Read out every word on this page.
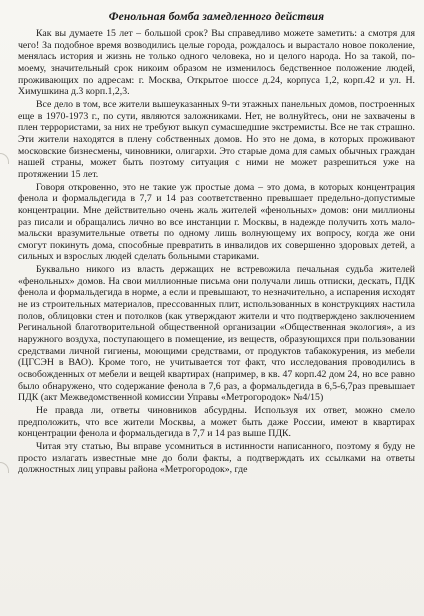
Фенольная бомба замедленного действия

Как вы думаете 15 лет – большой срок? Вы справедливо можете заметить: а смотря для чего! За подобное время возводились целые города, рождалось и вырастало новое поколение, менялась история и жизнь не только одного человека, но и целого народа. Но за такой, по-моему, значительный срок никоим образом не изменилось бедственное положение людей, проживающих по адресам: г. Москва, Открытое шоссе д.24, корпуса 1,2, корп.42 и ул. Н. Химушкина д.3 корп.1,2,3.

Все дело в том, все жители вышеуказанных 9-ти этажных панельных домов, построенных еще в 1970-1973 г., по сути, являются заложниками. Нет, не волнуйтесь, они не захвачены в плен террористами, за них не требуют выкуп сумасшедшие экстремисты. Все не так страшно. Эти жители находятся в плену собственных домов. Но это не дома, в которых проживают московские бизнесмены, чиновники, олигархи. Это старые дома для самых обычных граждан нашей страны, может быть поэтому ситуация с ними не может разрешиться уже на протяжении 15 лет.

Говоря откровенно, это не такие уж простые дома – это дома, в которых концентрация фенола и формальдегида в 7,7 и 14 раз соответственно превышает предельно-допустимые концентрации. Мне действительно очень жаль жителей «фенольных» домов: они миллионы раз писали и обращались лично во все инстанции г. Москвы, в надежде получить хоть мало-мальски вразумительные ответы по одному лишь волнующему их вопросу, когда же они смогут покинуть дома, способные превратить в инвалидов их совершенно здоровых детей, а сильных и взрослых людей сделать больными стариками.

Буквально никого из власть держащих не встревожила печальная судьба жителей «фенольных» домов. На свои миллионные письма они получали лишь отписки, дескать, ПДК фенола и формальдегида в норме, а если и превышают, то незначительно, а испарения исходят не из строительных материалов, прессованных плит, использованных в конструкциях настила полов, облицовки стен и потолков (как утверждают жители и что подтверждено заключением Регинальной благотворительной общественной организации «Общественная экология», а из наружного воздуха, поступающего в помещение, из веществ, образующихся при пользовании средствами личной гигиены, моющими средствами, от продуктов табакокурения, из мебели (ЦГСЭН в ВАО). Кроме того, не учитывается тот факт, что исследования проводились в освобожденных от мебели и вещей квартирах (например, в кв. 47 корп.42 дом 24, но все равно было обнаружено, что содержание фенола в 7,6 раз, а формальдегида в 6,5-6,7раз превышает ПДК (акт Межведомственной комиссии Управы «Метрогородок» №4/15)

Не правда ли, ответы чиновников абсурдны. Используя их ответ, можно смело предположить, что все жители Москвы, а может быть даже России, имеют в квартирах концентрации фенола и формальдегида в 7,7 и 14 раз выше ПДК.

Читая эту статью, Вы вправе усомниться в истинности написанного, поэтому я буду не просто излагать известные мне до боли факты, а подтверждать их ссылками на ответы должностных лиц управы района «Метрогородок», где
